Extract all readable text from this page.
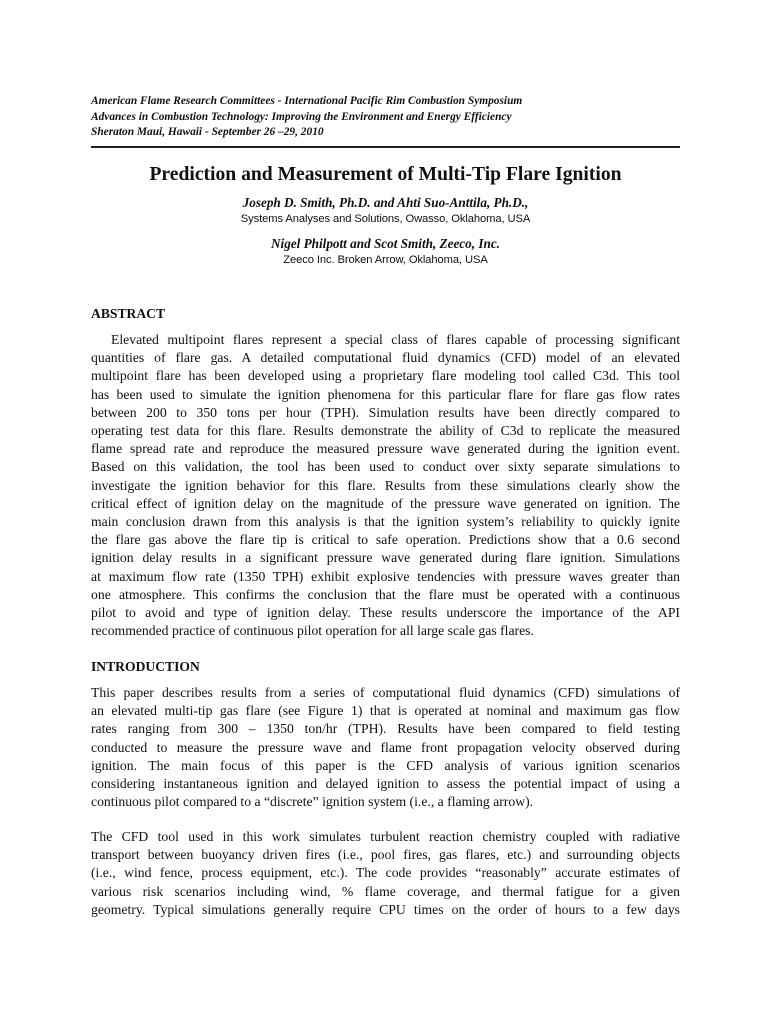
American Flame Research Committees - International Pacific Rim Combustion Symposium
Advances in Combustion Technology: Improving the Environment and Energy Efficiency
Sheraton Maui, Hawaii - September 26 –29, 2010
Prediction and Measurement of Multi-Tip Flare Ignition
Joseph D. Smith, Ph.D. and Ahti Suo-Anttila, Ph.D.,
Systems Analyses and Solutions, Owasso, Oklahoma, USA
Nigel Philpott and Scot Smith, Zeeco, Inc.
Zeeco Inc. Broken Arrow, Oklahoma, USA
ABSTRACT
Elevated multipoint flares represent a special class of flares capable of processing significant
quantities of flare gas. A detailed computational fluid dynamics (CFD) model of an elevated
multipoint flare has been developed using a proprietary flare modeling tool called C3d. This tool
has been used to simulate the ignition phenomena for this particular flare for flare gas flow rates
between 200 to 350 tons per hour (TPH). Simulation results have been directly compared to
operating test data for this flare. Results demonstrate the ability of C3d to replicate the measured
flame spread rate and reproduce the measured pressure wave generated during the ignition event.
Based on this validation, the tool has been used to conduct over sixty separate simulations to
investigate the ignition behavior for this flare. Results from these simulations clearly show the
critical effect of ignition delay on the magnitude of the pressure wave generated on ignition. The
main conclusion drawn from this analysis is that the ignition system’s reliability to quickly ignite
the flare gas above the flare tip is critical to safe operation. Predictions show that a 0.6 second
ignition delay results in a significant pressure wave generated during flare ignition. Simulations
at maximum flow rate (1350 TPH) exhibit explosive tendencies with pressure waves greater than
one atmosphere. This confirms the conclusion that the flare must be operated with a continuous
pilot to avoid and type of ignition delay. These results underscore the importance of the API
recommended practice of continuous pilot operation for all large scale gas flares.
INTRODUCTION
This paper describes results from a series of computational fluid dynamics (CFD) simulations of
an elevated multi-tip gas flare (see Figure 1) that is operated at nominal and maximum gas flow
rates ranging from 300 – 1350 ton/hr (TPH). Results have been compared to field testing
conducted to measure the pressure wave and flame front propagation velocity observed during
ignition. The main focus of this paper is the CFD analysis of various ignition scenarios
considering instantaneous ignition and delayed ignition to assess the potential impact of using a
continuous pilot compared to a “discrete” ignition system (i.e., a flaming arrow).
The CFD tool used in this work simulates turbulent reaction chemistry coupled with radiative
transport between buoyancy driven fires (i.e., pool fires, gas flares, etc.) and surrounding objects
(i.e., wind fence, process equipment, etc.). The code provides “reasonably” accurate estimates of
various risk scenarios including wind, % flame coverage, and thermal fatigue for a given
geometry. Typical simulations generally require CPU times on the order of hours to a few days
